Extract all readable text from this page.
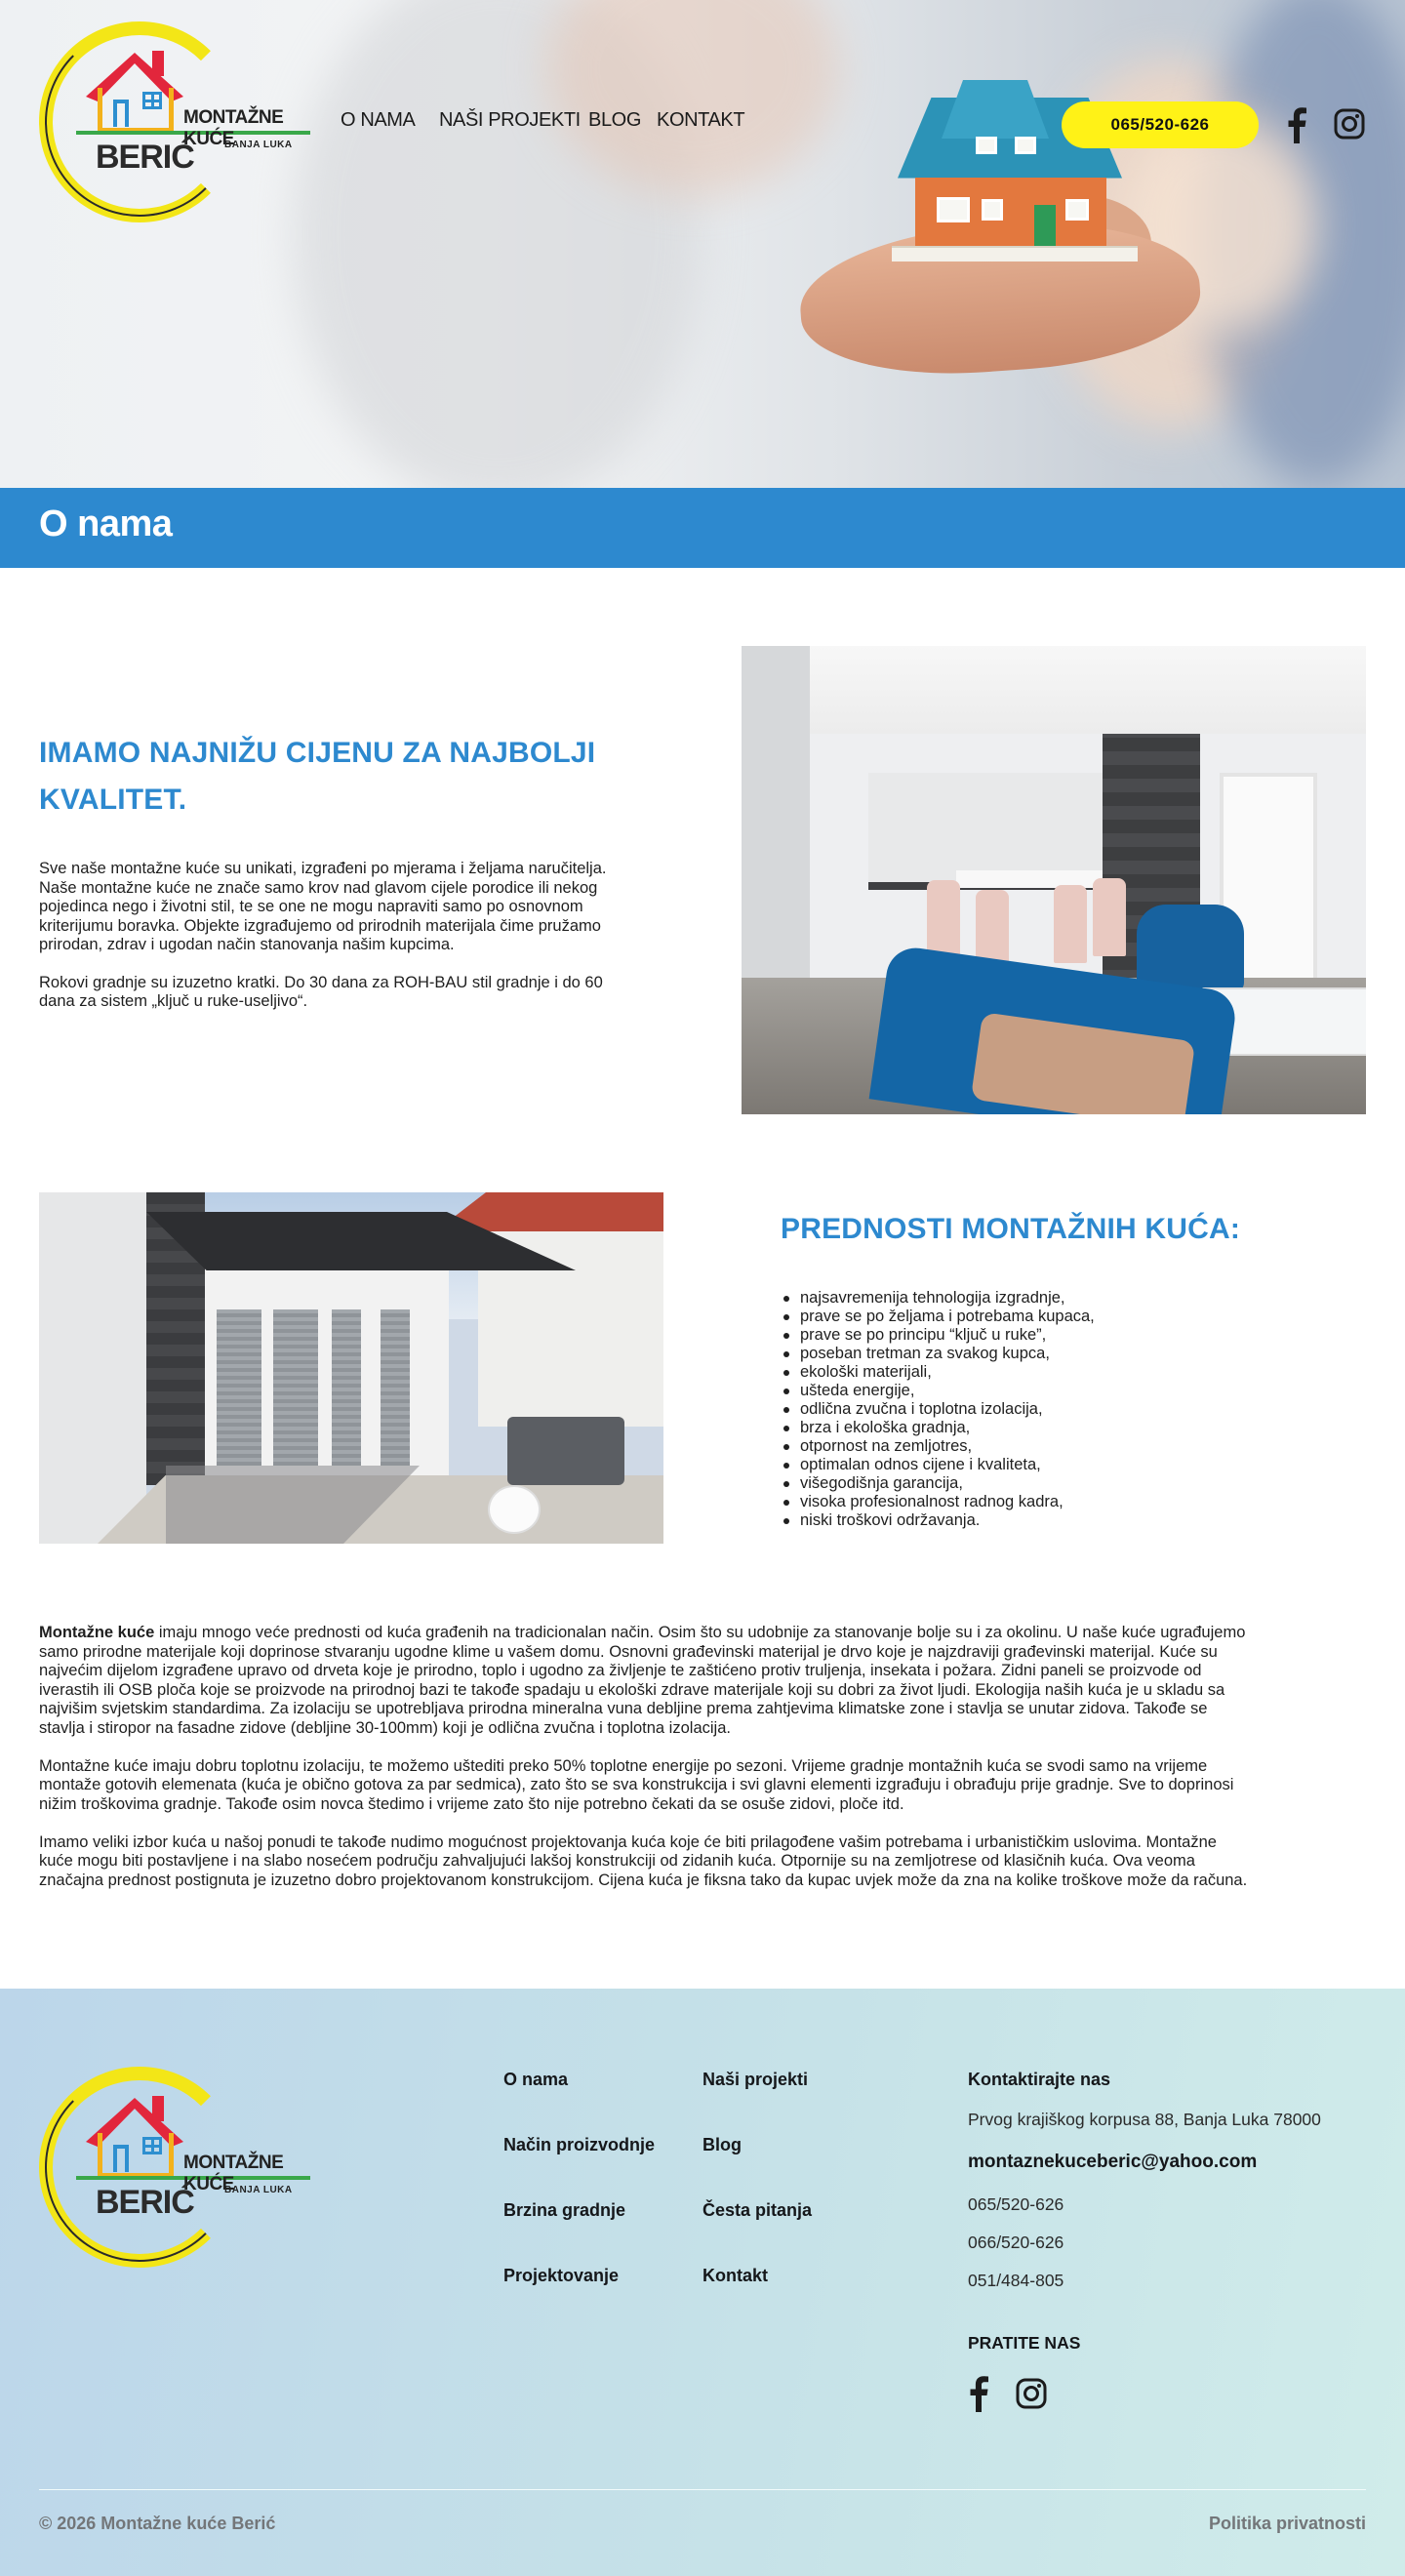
MONTAŽNE KUĆE
BANJA LUKA
BERIĆ
O NAMA NAŠI PROJEKTI BLOG KONTAKT	065/520-626
O nama
IMAMO NAJNIŽU CIJENU ZA NAJBOLJI
KVALITET.

Sve naše montažne kuće su unikati, izgrađeni po mjerama i željama naručitelja.
Naše montažne kuće ne znače samo krov nad glavom cijele porodice ili nekog
pojedinca nego i životni stil, te se one ne mogu napraviti samo po osnovnom
kriterijumu boravka. Objekte izgrađujemo od prirodnih materijala čime pružamo
prirodan, zdrav i ugodan način stanovanja našim kupcima.

Rokovi gradnje su izuzetno kratki. Do 30 dana za ROH-BAU stil gradnje i do 60
dana za sistem „ključ u ruke-useljivo“.

PREDNOSTI MONTAŽNIH KUĆA:
najsavremenija tehnologija izgradnje,
prave se po željama i potrebama kupaca,
prave se po principu “ključ u ruke”,
poseban tretman za svakog kupca,
ekološki materijali,
ušteda energije,
odlična zvučna i toplotna izolacija,
brza i ekološka gradnja,
otpornost na zemljotres,
optimalan odnos cijene i kvaliteta,
višegodišnja garancija,
visoka profesionalnost radnog kadra,
niski troškovi održavanja.

Montažne kuće imaju mnogo veće prednosti od kuća građenih na tradicionalan način. Osim što su udobnije za stanovanje bolje su i za okolinu. U naše kuće ugrađujemo
samo prirodne materijale koji doprinose stvaranju ugodne klime u vašem domu. Osnovni građevinski materijal je drvo koje je najzdraviji građevinski materijal. Kuće su
najvećim dijelom izgrađene upravo od drveta koje je prirodno, toplo i ugodno za življenje te zaštićeno protiv truljenja, insekata i požara. Zidni paneli se proizvode od
iverastih ili OSB ploča koje se proizvode na prirodnoj bazi te takođe spadaju u ekološki zdrave materijale koji su dobri za život ljudi. Ekologija naših kuća je u skladu sa
najvišim svjetskim standardima. Za izolaciju se upotrebljava prirodna mineralna vuna debljine prema zahtjevima klimatske zone i stavlja se unutar zidova. Takođe se
stavlja i stiropor na fasadne zidove (debljine 30-100mm) koji je odlična zvučna i toplotna izolacija.

Montažne kuće imaju dobru toplotnu izolaciju, te možemo uštediti preko 50% toplotne energije po sezoni. Vrijeme gradnje montažnih kuća se svodi samo na vrijeme
montaže gotovih elemenata (kuća je obično gotova za par sedmica), zato što se sva konstrukcija i svi glavni elementi izgrađuju i obrađuju prije gradnje. Sve to doprinosi
nižim troškovima gradnje. Takođe osim novca štedimo i vrijeme zato što nije potrebno čekati da se osuše zidovi, ploče itd.

Imamo veliki izbor kuća u našoj ponudi te takođe nudimo mogućnost projektovanja kuća koje će biti prilagođene vašim potrebama i urbanističkim uslovima. Montažne
kuće mogu biti postavljene i na slabo nosećem području zahvaljujući lakšoj konstrukciji od zidanih kuća. Otpornije su na zemljotrese od klasičnih kuća. Ova veoma
značajna prednost postignuta je izuzetno dobro projektovanom konstrukcijom. Cijena kuća je fiksna tako da kupac uvjek može da zna na kolike troškove može da računa.

MONTAŽNE KUĆE
BANJA LUKA
BERIĆ
O nama
Način proizvodnje
Brzina gradnje
Projektovanje
Naši projekti
Blog
Česta pitanja
Kontakt
Kontaktirajte nas
Prvog krajiškog korpusa 88, Banja Luka 78000
montaznekuceberic@yahoo.com
065/520-626
066/520-626
051/484-805
PRATITE NAS
© 2026 Montažne kuće Berić	Politika privatnosti
